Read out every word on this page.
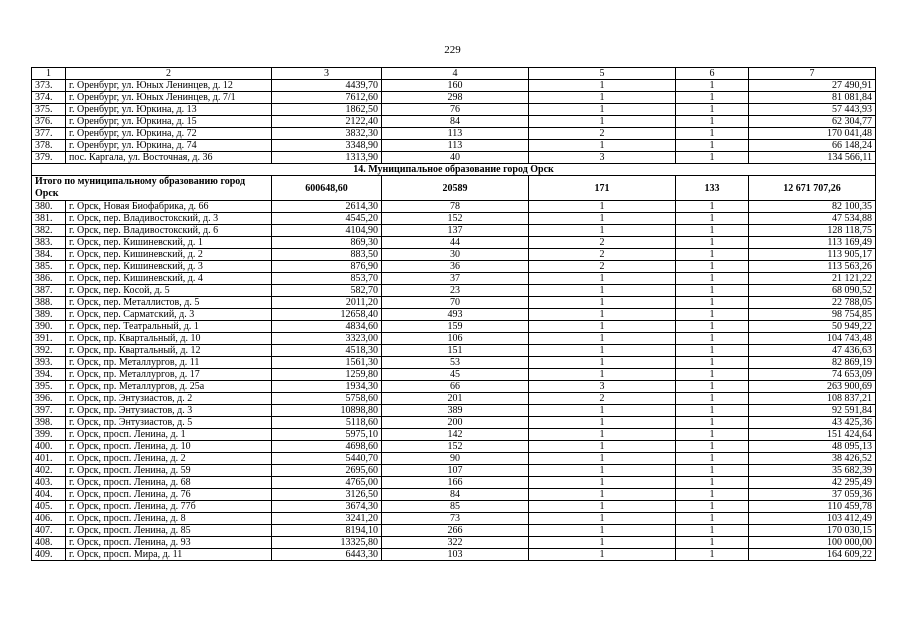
229
1	2	3	4	5	6	7
373.	г. Оренбург, ул. Юных Ленинцев, д. 12	4439,70	160	1	1	27 490,91
374.	г. Оренбург, ул. Юных Ленинцев, д. 7/1	7612,60	298	1	1	81 081,84
375.	г. Оренбург, ул. Юркина, д. 13	1862,50	76	1	1	57 443,93
376.	г. Оренбург, ул. Юркина, д. 15	2122,40	84	1	1	62 304,77
377.	г. Оренбург, ул. Юркина, д. 72	3832,30	113	2	1	170 041,48
378.	г. Оренбург, ул. Юркина, д. 74	3348,90	113	1	1	66 148,24
379.	пос. Каргала, ул. Восточная, д. 36	1313,90	40	3	1	134 566,11
14. Муниципальное образование город Орск						
Итого по муниципальному образованию город Орск		600648,60	20589	171	133	12 671 707,26
380.	г. Орск, Новая Биофабрика, д. 66	2614,30	78	1	1	82 100,35
381.	г. Орск, пер. Владивостокский, д. 3	4545,20	152	1	1	47 534,88
382.	г. Орск, пер. Владивостокский, д. 6	4104,90	137	1	1	128 118,75
383.	г. Орск, пер. Кишиневский, д. 1	869,30	44	2	1	113 169,49
384.	г. Орск, пер. Кишиневский, д. 2	883,50	30	2	1	113 905,17
385.	г. Орск, пер. Кишиневский, д. 3	876,90	36	2	1	113 563,26
386.	г. Орск, пер. Кишиневский, д. 4	853,70	37	1	1	21 121,22
387.	г. Орск, пер. Косой, д. 5	582,70	23	1	1	68 090,52
388.	г. Орск, пер. Металлистов, д. 5	2011,20	70	1	1	22 788,05
389.	г. Орск, пер. Сарматский, д. 3	12658,40	493	1	1	98 754,85
390.	г. Орск, пер. Театральный, д. 1	4834,60	159	1	1	50 949,22
391.	г. Орск, пр. Квартальный, д. 10	3323,00	106	1	1	104 743,48
392.	г. Орск, пр. Квартальный, д. 12	4518,30	151	1	1	47 436,63
393.	г. Орск, пр. Металлургов, д. 11	1561,30	53	1	1	82 869,19
394.	г. Орск, пр. Металлургов, д. 17	1259,80	45	1	1	74 653,09
395.	г. Орск, пр. Металлургов, д. 25а	1934,30	66	3	1	263 900,69
396.	г. Орск, пр. Энтузиастов, д. 2	5758,60	201	2	1	108 837,21
397.	г. Орск, пр. Энтузиастов, д. 3	10898,80	389	1	1	92 591,84
398.	г. Орск, пр. Энтузиастов, д. 5	5118,60	200	1	1	43 425,36
399.	г. Орск, просп. Ленина, д. 1	5975,10	142	1	1	151 424,64
400.	г. Орск, просп. Ленина, д. 10	4698,60	152	1	1	48 095,13
401.	г. Орск, просп. Ленина, д. 2	5440,70	90	1	1	38 426,52
402.	г. Орск, просп. Ленина, д. 59	2695,60	107	1	1	35 682,39
403.	г. Орск, просп. Ленина, д. 68	4765,00	166	1	1	42 295,49
404.	г. Орск, просп. Ленина, д. 76	3126,50	84	1	1	37 059,36
405.	г. Орск, просп. Ленина, д. 77б	3674,30	85	1	1	110 459,78
406.	г. Орск, просп. Ленина, д. 8	3241,20	73	1	1	103 412,49
407.	г. Орск, просп. Ленина, д. 85	8194,10	266	1	1	170 030,15
408.	г. Орск, просп. Ленина, д. 93	13325,80	322	1	1	100 000,00
409.	г. Орск, просп. Мира, д. 11	6443,30	103	1	1	164 609,22
